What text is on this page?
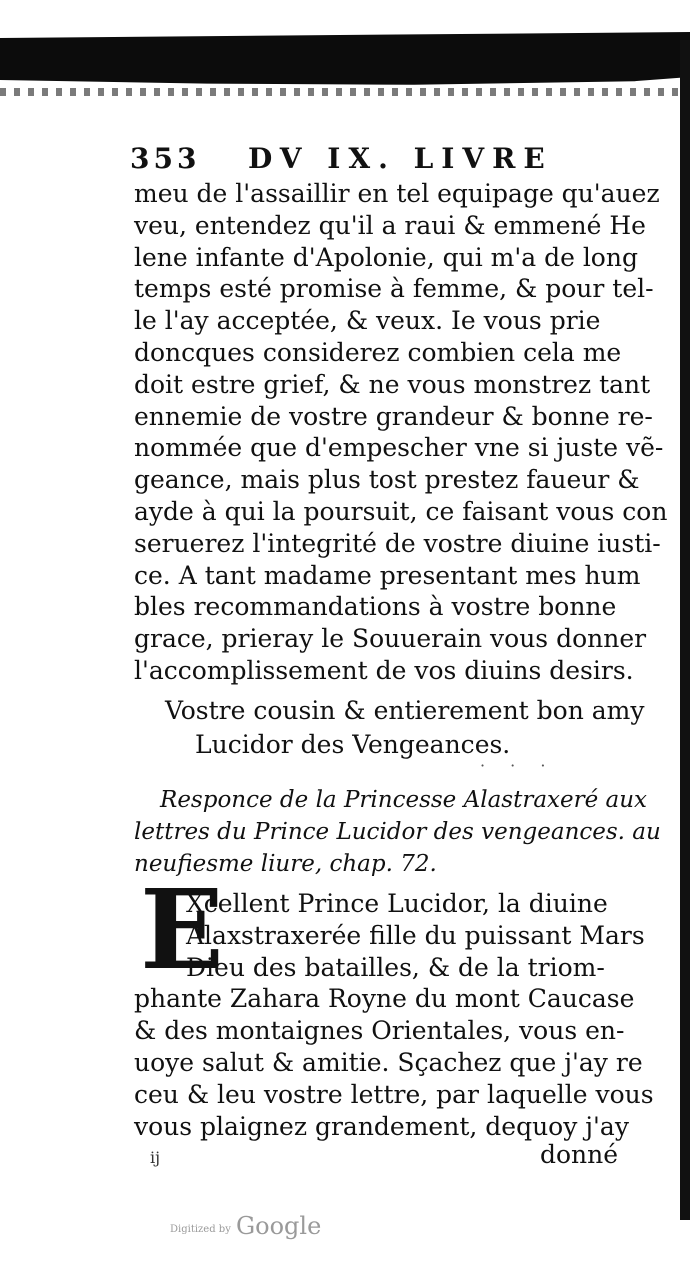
353 DV IX. LIVRE
meu de l'assaillir en tel equipage qu'auez
veu, entendez qu'il a raui & emmené He
lene infante d'Apolonie, qui m'a de long
temps esté promise à femme, & pour tel-
le l'ay acceptée, & veux. Ie vous prie
doncques considerez combien cela me
doit estre grief, & ne vous monstrez tant
ennemie de vostre grandeur & bonne re-
nommée que d'empescher vne si juste vẽ-
geance, mais plus tost prestez faueur &
ayde à qui la poursuit, ce faisant vous con
seruerez l'integrité de vostre diuine iusti-
ce. A tant madame presentant mes hum
bles recommandations à vostre bonne
grace, prieray le Souuerain vous donner
l'accomplissement de vos diuins desirs.
Vostre cousin & entierement bon amy
Lucidor des Vengeances.
· · ·
Responce de la Princesse Alastraxeré aux
lettres du Prince Lucidor des vengeances. au
neufiesme liure, chap. 72.
E
Xcellent Prince Lucidor, la diuine
Alaxstraxerée fille du puissant Mars
Dieu des batailles, & de la triom-
phante Zahara Royne du mont Caucase
& des montaignes Orientales, vous en-
uoye salut & amitie. Sçachez que j'ay re
ceu & leu vostre lettre, par laquelle vous
vous plaignez grandement, dequoy j'ay
ij	donné
Digitized by Google
